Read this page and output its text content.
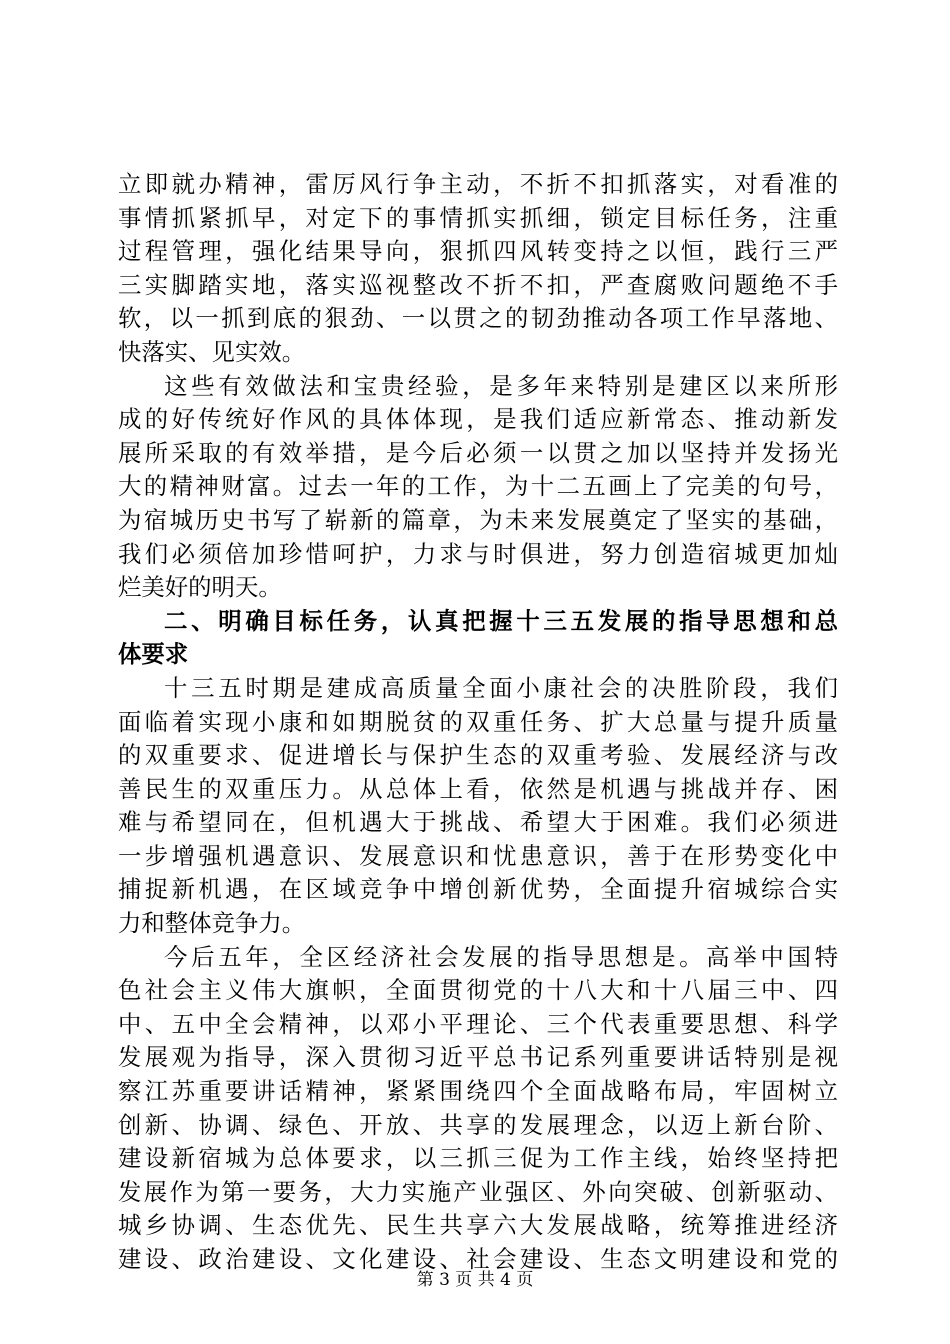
立即就办精神，雷厉风行争主动，不折不扣抓落实，对看准的
事情抓紧抓早，对定下的事情抓实抓细，锁定目标任务，注重
过程管理，强化结果导向，狠抓四风转变持之以恒，践行三严
三实脚踏实地，落实巡视整改不折不扣，严查腐败问题绝不手
软，以一抓到底的狠劲、一以贯之的韧劲推动各项工作早落地、
快落实、见实效。
这些有效做法和宝贵经验，是多年来特别是建区以来所形
成的好传统好作风的具体体现，是我们适应新常态、推动新发
展所采取的有效举措，是今后必须一以贯之加以坚持并发扬光
大的精神财富。过去一年的工作，为十二五画上了完美的句号，
为宿城历史书写了崭新的篇章，为未来发展奠定了坚实的基础，
我们必须倍加珍惜呵护，力求与时俱进，努力创造宿城更加灿
烂美好的明天。
二、明确目标任务，认真把握十三五发展的指导思想和总
体要求
十三五时期是建成高质量全面小康社会的决胜阶段，我们
面临着实现小康和如期脱贫的双重任务、扩大总量与提升质量
的双重要求、促进增长与保护生态的双重考验、发展经济与改
善民生的双重压力。从总体上看，依然是机遇与挑战并存、困
难与希望同在，但机遇大于挑战、希望大于困难。我们必须进
一步增强机遇意识、发展意识和忧患意识，善于在形势变化中
捕捉新机遇，在区域竞争中增创新优势，全面提升宿城综合实
力和整体竞争力。
今后五年，全区经济社会发展的指导思想是。高举中国特
色社会主义伟大旗帜，全面贯彻党的十八大和十八届三中、四
中、五中全会精神，以邓小平理论、三个代表重要思想、科学
发展观为指导，深入贯彻习近平总书记系列重要讲话特别是视
察江苏重要讲话精神，紧紧围绕四个全面战略布局，牢固树立
创新、协调、绿色、开放、共享的发展理念，以迈上新台阶、
建设新宿城为总体要求，以三抓三促为工作主线，始终坚持把
发展作为第一要务，大力实施产业强区、外向突破、创新驱动、
城乡协调、生态优先、民生共享六大发展战略，统筹推进经济
建设、政治建设、文化建设、社会建设、生态文明建设和党的
第 3 页 共 4 页
